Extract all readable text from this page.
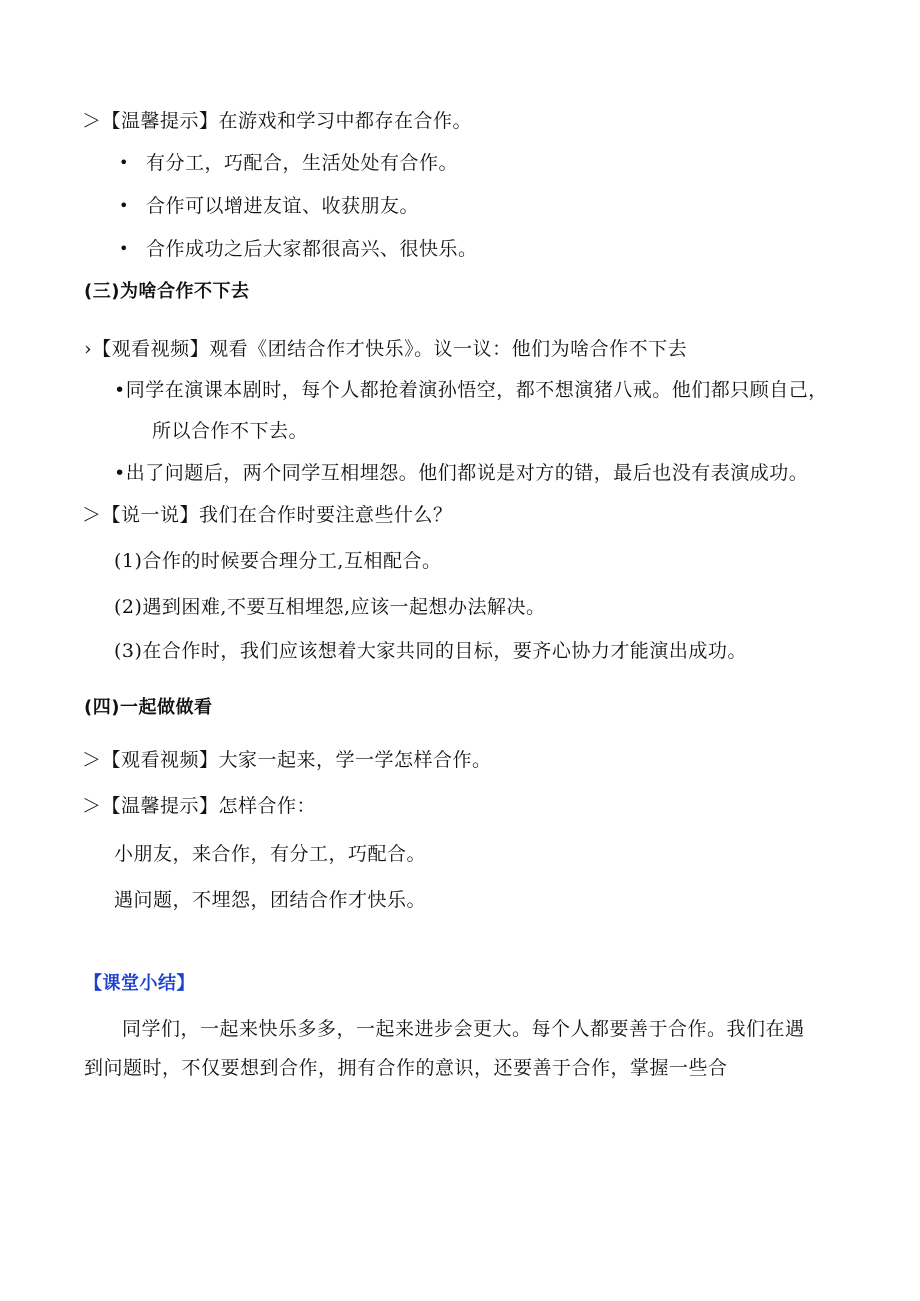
＞【温馨提示】在游戏和学习中都存在合作。
• 有分工，巧配合，生活处处有合作。
• 合作可以增进友谊、收获朋友。
• 合作成功之后大家都很高兴、很快乐。
(三)为啥合作不下去
›【观看视频】观看《团结合作才快乐》。议一议：他们为啥合作不下去
•同学在演课本剧时，每个人都抢着演孙悟空，都不想演猪八戒。他们都只顾自己，
所以合作不下去。
•出了问题后，两个同学互相埋怨。他们都说是对方的错，最后也没有表演成功。
＞【说一说】我们在合作时要注意些什么？
(1)合作的时候要合理分工,互相配合。
(2)遇到困难,不要互相埋怨,应该一起想办法解决。
(3)在合作时，我们应该想着大家共同的目标，要齐心协力才能演出成功。
(四)一起做做看
＞【观看视频】大家一起来，学一学怎样合作。
＞【温馨提示】怎样合作：
小朋友，来合作，有分工，巧配合。
遇问题，不埋怨，团结合作才快乐。
【课堂小结】
同学们，一起来快乐多多，一起来进步会更大。每个人都要善于合作。我们在遇
到问题时，不仅要想到合作，拥有合作的意识，还要善于合作，掌握一些合
